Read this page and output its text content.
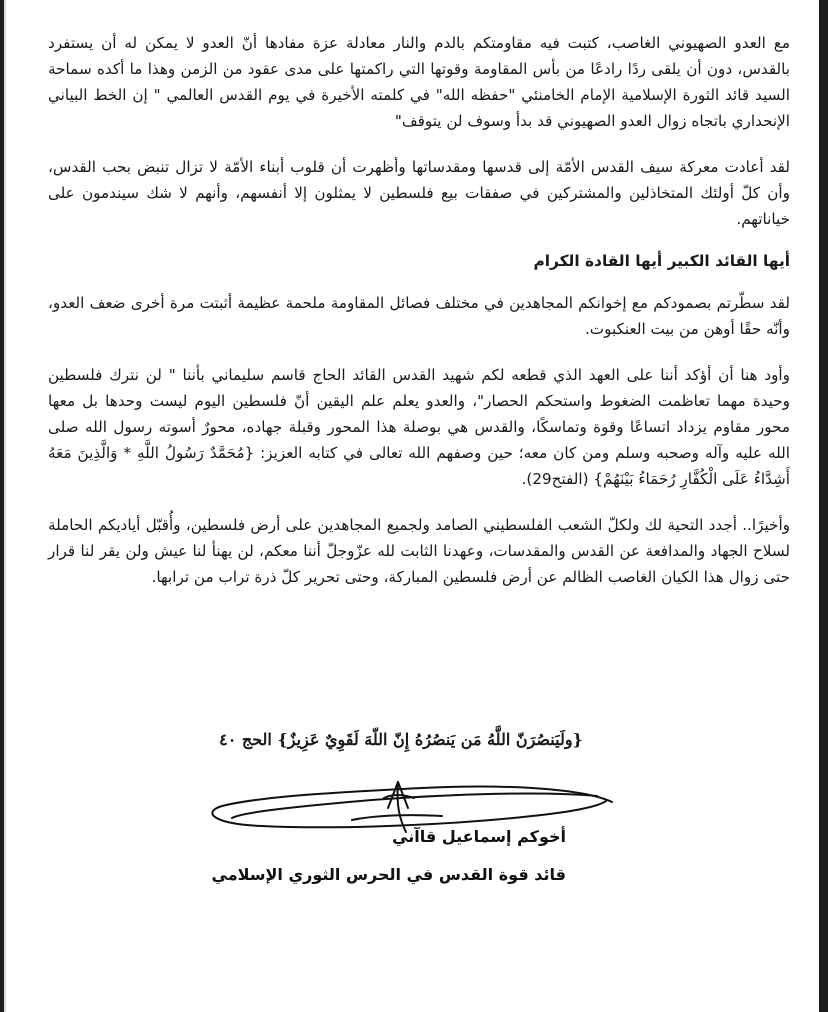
مع العدو الصهيوني الغاصب، كتبت فيه مقاومتكم بالدم والنار معادلة عزة مفادها أنّ العدو لا يمكن له أن يستفرد بالقدس، دون أن يلقى ردًا رادعًا من بأس المقاومة وقوتها التي راكمتها على مدى عقود من الزمن وهذا ما أكده سماحة السيد قائد الثورة الإسلامية الإمام الخامنئي "حفظه الله" في كلمته الأخيرة في يوم القدس العالمي " إن الخط البياني الإنحداري باتجاه زوال العدو الصهيوني قد بدأ وسوف لن يتوقف"

لقد أعادت معركة سيف القدس الأمّة إلى قدسها ومقدساتها وأظهرت أن قلوب أبناء الأمّة لا تزال تنبض بحب القدس، وأن كلّ أولئك المتخاذلين والمشتركين في صفقات بيع فلسطين لا يمثلون إلا أنفسهم، وأنهم لا شك سيندمون على خياناتهم.

أيها القائد الكبير أيها القادة الكرام

لقد سطّرتم بصمودكم مع إخوانكم المجاهدين في مختلف فصائل المقاومة ملحمة عظيمة أثبتت مرة أخرى ضعف العدو، وأنّه حقًا أوهن من بيت العنكبوت.

وأود هنا أن أؤكد أننا على العهد الذي قطعه لكم شهيد القدس القائد الحاج قاسم سليماني بأننا " لن نترك فلسطين وحيدة مهما تعاظمت الضغوط واستحكم الحصار"، والعدو يعلم علم اليقين أنّ فلسطين اليوم ليست وحدها بل معها محور مقاوم يزداد اتساعًا وقوة وتماسكًا، والقدس هي بوصلة هذا المحور وقبلة جهاده، محورٌ أسوته رسول الله صلى الله عليه وآله وصحبه وسلم ومن كان معه؛ حين وصفهم الله تعالى في كتابه العزيز: {مُحَمَّدٌ رَسُولُ اللَّهِ * وَالَّذِينَ مَعَهُ أَشِدَّاءُ عَلَى الْكُفَّارِ رُحَمَاءُ بَيْنَهُمْ} (الفتح29).

وأخيرًا.. أجدد التحية لك ولكلّ الشعب الفلسطيني الصامد ولجميع المجاهدين على أرض فلسطين، وأُقبّل أياديكم الحاملة لسلاح الجهاد والمدافعة عن القدس والمقدسات، وعهدنا الثابت لله عزّوجلّ أننا معكم، لن يهنأ لنا عيش ولن يقر لنا قرار حتى زوال هذا الكيان الغاصب الظالم عن أرض فلسطين المباركة، وحتى تحرير كلّ ذرة تراب من ترابها.

{ولَيَنصُرَنّ اللَّهُ مَن يَنصُرُهُ إِنّ اللّهَ لَقَوِيٌ عَزِيزٌ} الحج ٤٠
أخوكم إسماعيل قاآني
قائد قوة القدس في الحرس الثوري الإسلامي
